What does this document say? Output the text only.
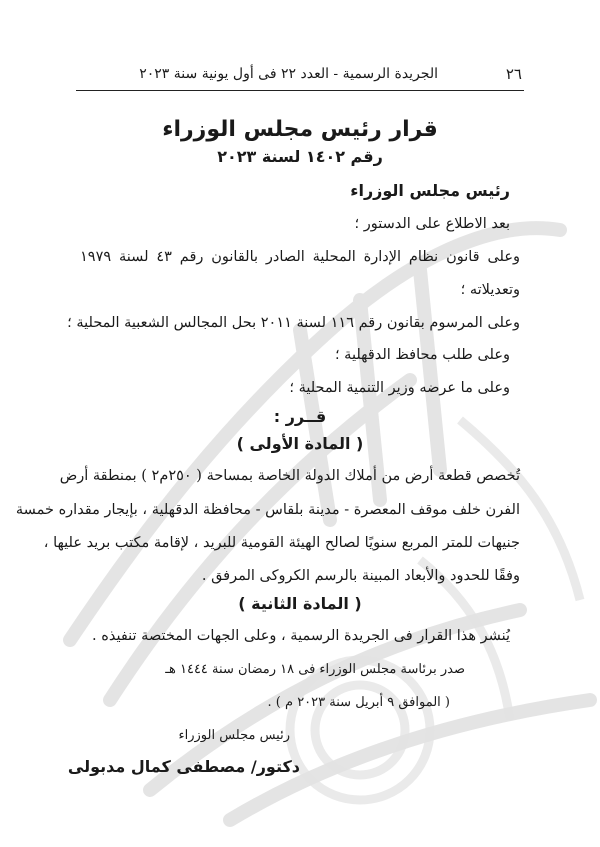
٢٦
الجريدة الرسمية - العدد ٢٢ فى أول يونية سنة ٢٠٢٣
قرار رئيس مجلس الوزراء
رقم ١٤٠٢ لسنة ٢٠٢٣
رئيس مجلس الوزراء
بعد الاطلاع على الدستور ؛
وعلى قانون نظام الإدارة المحلية الصادر بالقانون رقم ٤٣ لسنة ١٩٧٩
وتعديلاته ؛
وعلى المرسوم بقانون رقم ١١٦ لسنة ٢٠١١ بحل المجالس الشعبية المحلية ؛
وعلى طلب محافظ الدقهلية ؛
وعلى ما عرضه وزير التنمية المحلية ؛
قــرر :
( المادة الأولى )
تُخصص قطعة أرض من أملاك الدولة الخاصة بمساحة ( ٢٥٠م٢ ) بمنطقة أرض
الفرن خلف موقف المعصرة - مدينة بلقاس - محافظة الدقهلية ، بإيجار مقداره خمسة
جنيهات للمتر المربع سنويًا لصالح الهيئة القومية للبريد ، لإقامة مكتب بريد عليها ،
وفقًا للحدود والأبعاد المبينة بالرسم الكروكى المرفق .
( المادة الثانية )
يُنشر هذا القرار فى الجريدة الرسمية ، وعلى الجهات المختصة تنفيذه .
صدر برئاسة مجلس الوزراء فى ١٨ رمضان سنة ١٤٤٤ هـ
( الموافق ٩ أبريل سنة ٢٠٢٣ م ) .
رئيس مجلس الوزراء
دكتور/ مصطفى كمال مدبولى
